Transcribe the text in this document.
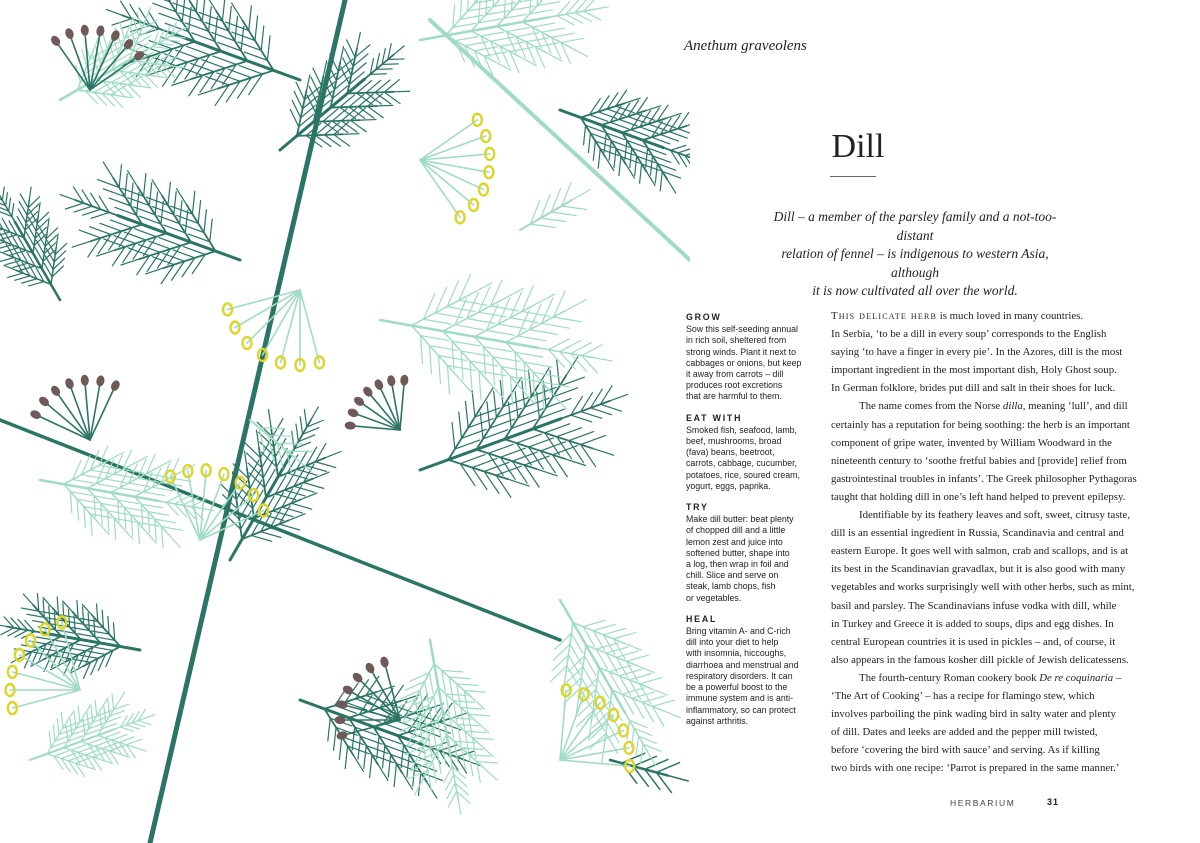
Anethum graveolens
Dill
Dill – a member of the parsley family and a not-too-distant
relation of fennel – is indigenous to western Asia, although
it is now cultivated all over the world.
GROW
Sow this self-seeding annual
in rich soil, sheltered from
strong winds. Plant it next to
cabbages or onions, but keep
it away from carrots – dill
produces root excretions
that are harmful to them.
EAT WITH
Smoked fish, seafood, lamb,
beef, mushrooms, broad
(fava) beans, beetroot,
carrots, cabbage, cucumber,
potatoes, rice, soured cream,
yogurt, eggs, paprika.
TRY
Make dill butter: beat plenty
of chopped dill and a little
lemon zest and juice into
softened butter, shape into
a log, then wrap in foil and
chill. Slice and serve on
steak, lamb chops, fish
or vegetables.
HEAL
Bring vitamin A- and C-rich
dill into your diet to help
with insomnia, hiccoughs,
diarrhoea and menstrual and
respiratory disorders. It can
be a powerful boost to the
immune system and is anti-
inflammatory, so can protect
against arthritis.
This delicate herb is much loved in many countries.
In Serbia, ‘to be a dill in every soup’ corresponds to the English
saying ‘to have a finger in every pie’. In the Azores, dill is the most
important ingredient in the most important dish, Holy Ghost soup.
In German folklore, brides put dill and salt in their shoes for luck.
The name comes from the Norse dilla, meaning ‘lull’, and dill
certainly has a reputation for being soothing: the herb is an important
component of gripe water, invented by William Woodward in the
nineteenth century to ‘soothe fretful babies and [provide] relief from
gastrointestinal troubles in infants’. The Greek philosopher Pythagoras
taught that holding dill in one’s left hand helped to prevent epilepsy.
Identifiable by its feathery leaves and soft, sweet, citrusy taste,
dill is an essential ingredient in Russia, Scandinavia and central and
eastern Europe. It goes well with salmon, crab and scallops, and is at
its best in the Scandinavian gravadlax, but it is also good with many
vegetables and works surprisingly well with other herbs, such as mint,
basil and parsley. The Scandinavians infuse vodka with dill, while
in Turkey and Greece it is added to soups, dips and egg dishes. In
central European countries it is used in pickles – and, of course, it
also appears in the famous kosher dill pickle of Jewish delicatessens.
The fourth-century Roman cookery book De re coquinaria –
‘The Art of Cooking’ – has a recipe for flamingo stew, which
involves parboiling the pink wading bird in salty water and plenty
of dill. Dates and leeks are added and the pepper mill twisted,
before ‘covering the bird with sauce’ and serving. As if killing
two birds with one recipe: ‘Parrot is prepared in the same manner.’
HERBARIUM	31
